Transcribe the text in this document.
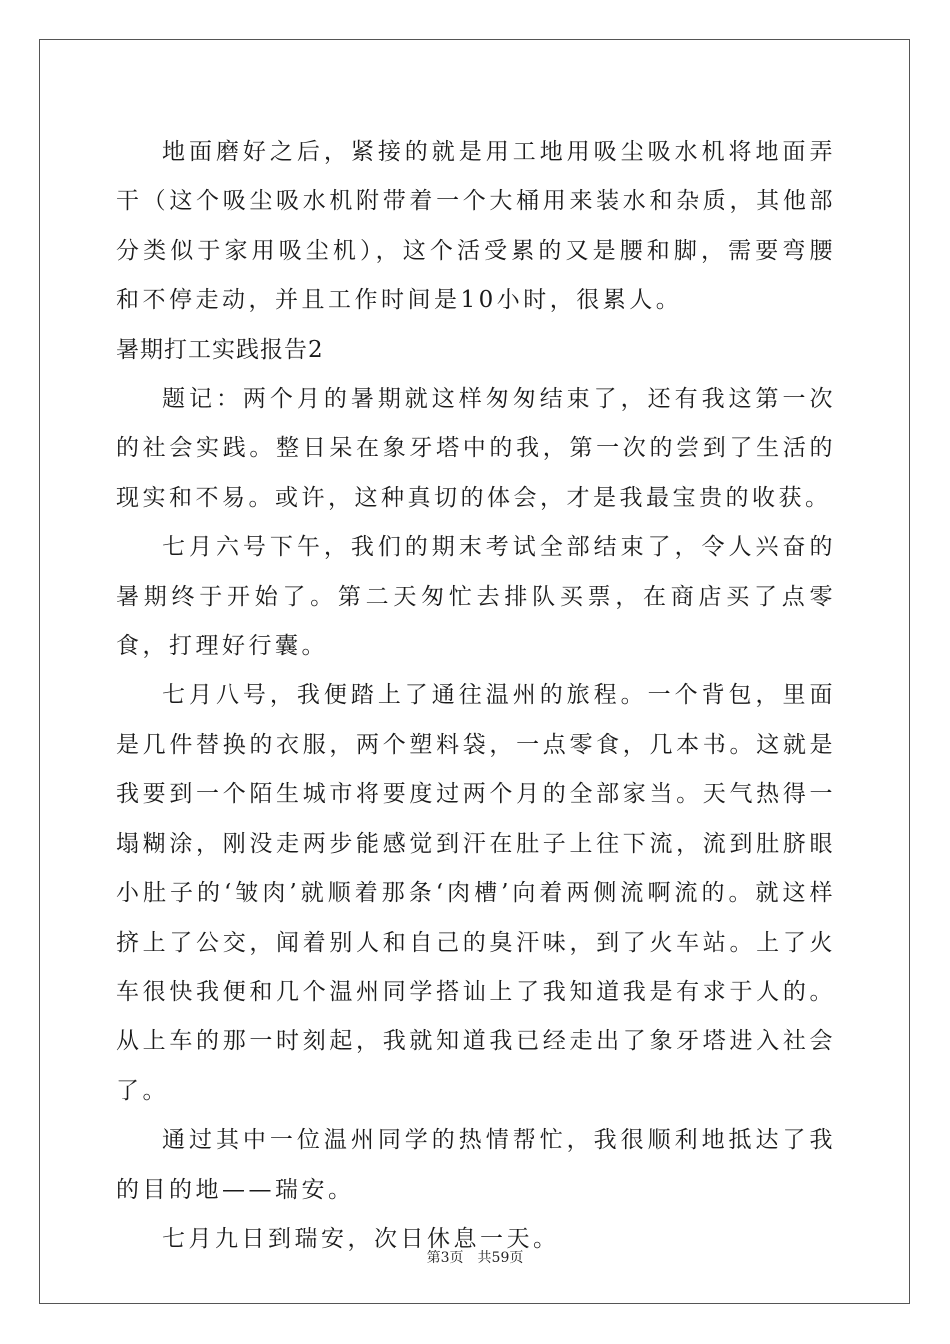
地面磨好之后，紧接的就是用工地用吸尘吸水机将地面弄干（这个吸尘吸水机附带着一个大桶用来装水和杂质，其他部分类似于家用吸尘机），这个活受累的又是腰和脚，需要弯腰和不停走动，并且工作时间是10小时，很累人。

暑期打工实践报告2

题记：两个月的暑期就这样匆匆结束了，还有我这第一次的社会实践。整日呆在象牙塔中的我，第一次的尝到了生活的现实和不易。或许，这种真切的体会，才是我最宝贵的收获。

七月六号下午，我们的期末考试全部结束了，令人兴奋的暑期终于开始了。第二天匆忙去排队买票，在商店买了点零食，打理好行囊。

七月八号，我便踏上了通往温州的旅程。一个背包，里面是几件替换的衣服，两个塑料袋，一点零食，几本书。这就是我要到一个陌生城市将要度过两个月的全部家当。天气热得一塌糊涂，刚没走两步能感觉到汗在肚子上往下流，流到肚脐眼小肚子的‘皱肉’就顺着那条‘肉槽’向着两侧流啊流的。就这样挤上了公交，闻着别人和自己的臭汗味，到了火车站。上了火车很快我便和几个温州同学搭讪上了我知道我是有求于人的。从上车的那一时刻起，我就知道我已经走出了象牙塔进入社会了。

通过其中一位温州同学的热情帮忙，我很顺利地抵达了我的目的地——瑞安。

七月九日到瑞安，次日休息一天。

第3页 共59页
